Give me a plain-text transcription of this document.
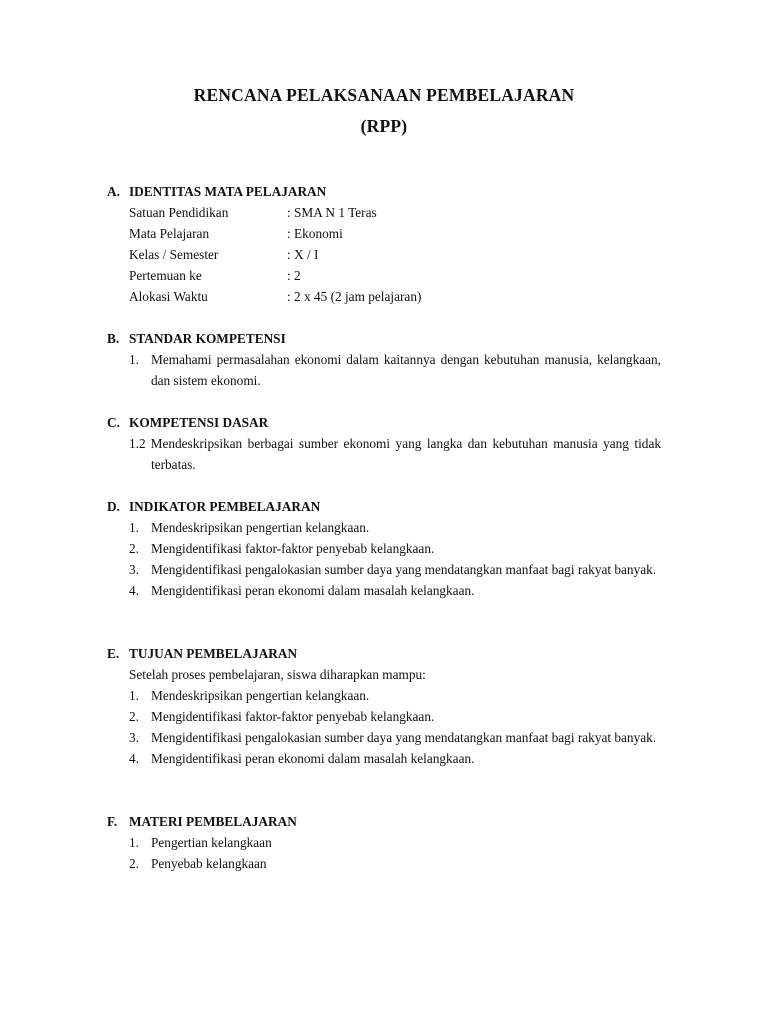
RENCANA PELAKSANAAN PEMBELAJARAN
(RPP)
A. IDENTITAS MATA PELAJARAN
Satuan Pendidikan	: SMA N 1 Teras
Mata Pelajaran	: Ekonomi
Kelas / Semester	: X / I
Pertemuan ke	: 2
Alokasi Waktu	: 2 x 45 (2 jam pelajaran)
B. STANDAR KOMPETENSI
1. Memahami permasalahan ekonomi dalam kaitannya dengan kebutuhan manusia, kelangkaan, dan sistem ekonomi.
C. KOMPETENSI DASAR
1.2 Mendeskripsikan berbagai sumber ekonomi yang langka dan kebutuhan manusia yang tidak terbatas.
D. INDIKATOR PEMBELAJARAN
1. Mendeskripsikan pengertian kelangkaan.
2. Mengidentifikasi faktor-faktor penyebab kelangkaan.
3. Mengidentifikasi pengalokasian sumber daya yang mendatangkan manfaat bagi rakyat banyak.
4. Mengidentifikasi peran ekonomi dalam masalah kelangkaan.
E. TUJUAN PEMBELAJARAN
Setelah proses pembelajaran, siswa diharapkan mampu:
1. Mendeskripsikan pengertian kelangkaan.
2. Mengidentifikasi faktor-faktor penyebab kelangkaan.
3. Mengidentifikasi pengalokasian sumber daya yang mendatangkan manfaat bagi rakyat banyak.
4. Mengidentifikasi peran ekonomi dalam masalah kelangkaan.
F. MATERI PEMBELAJARAN
1. Pengertian kelangkaan
2. Penyebab kelangkaan
